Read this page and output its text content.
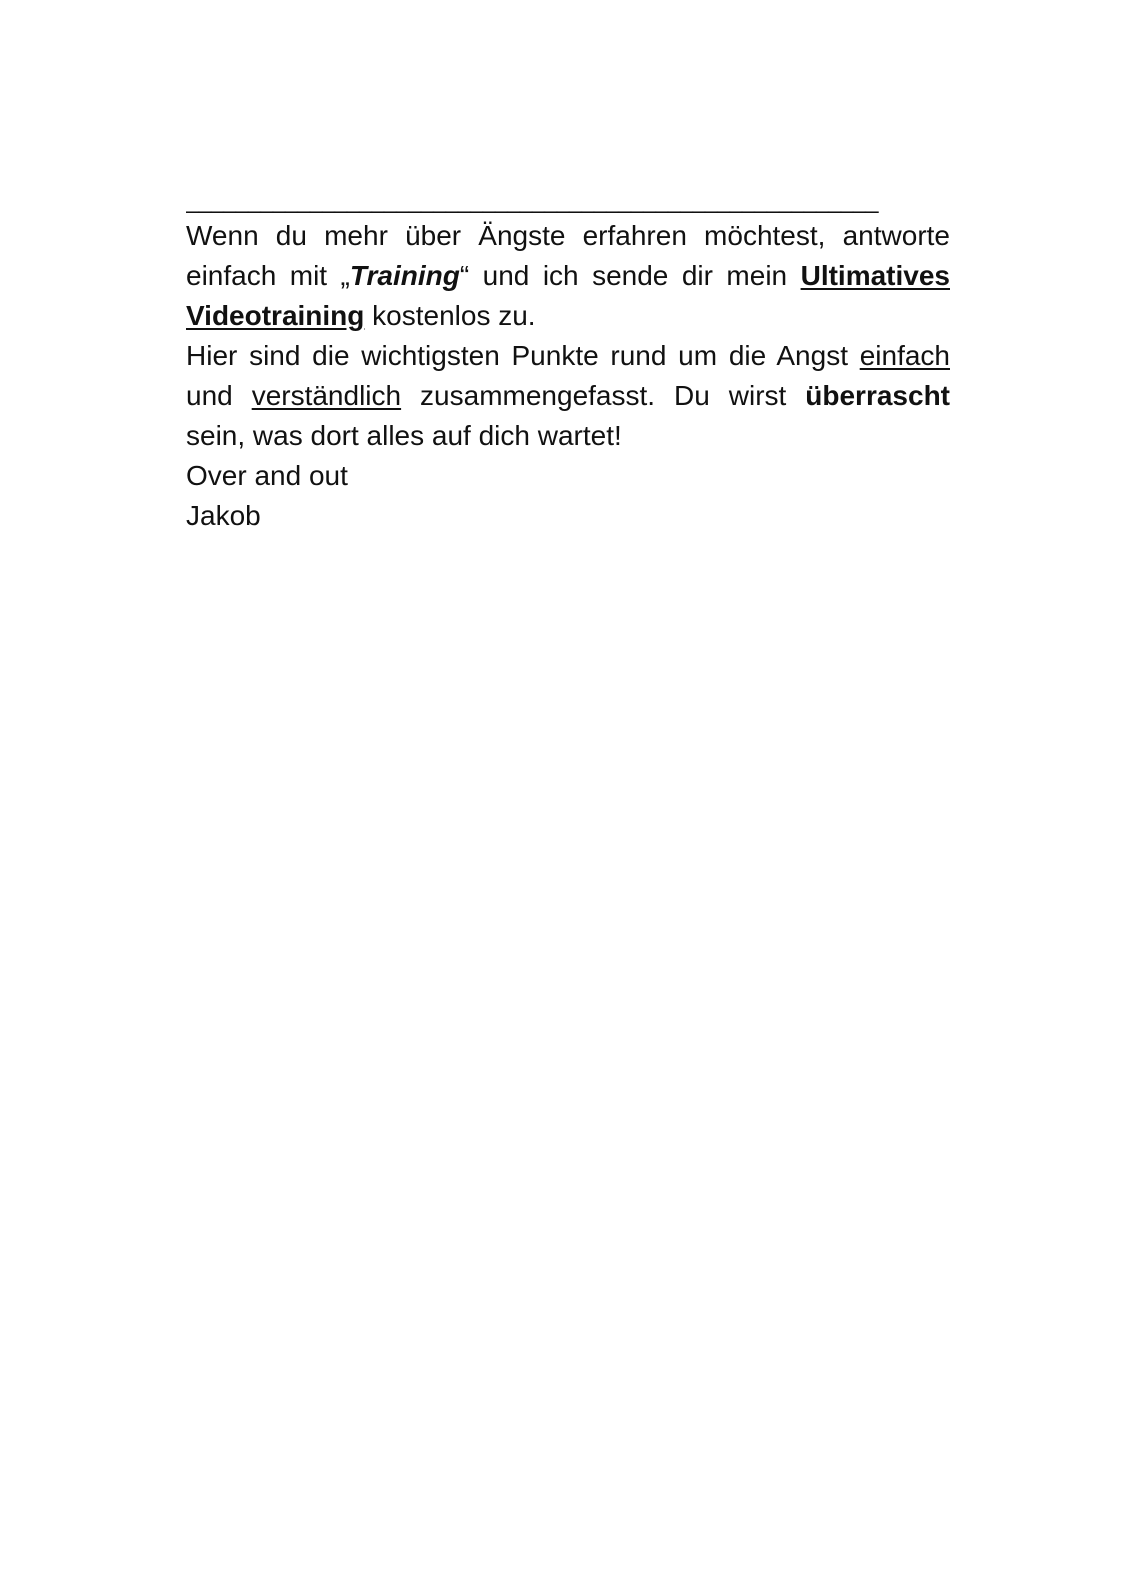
________________________________________________________

Wenn du mehr über Ängste erfahren möchtest, antworte einfach mit „Training“ und ich sende dir mein Ultimatives Videotraining kostenlos zu.

Hier sind die wichtigsten Punkte rund um die Angst einfach und verständlich zusammengefasst. Du wirst überrascht sein, was dort alles auf dich wartet!

Over and out
Jakob
